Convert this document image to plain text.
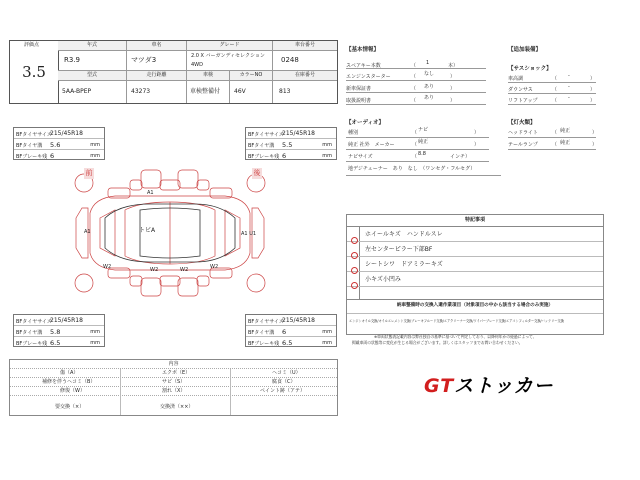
3.5
年式	車名	グレード	車台番号
R3.9	マツダ3	2.0 X バーガンディセレクション
4WD
0248
型式	走行距離	車検	カラーNO	在庫番号
5AA-BPEP	43273	車検整備付	46V	813
評価点
【基本情報】
スペアキー本数	（ 1	本）
エンジンスターター	（ なし	）
新車保証書	（ あり	）
取扱説明書	（ あり	）
【追加装備】
【サスショック】
車高調	（ -	）
ダウンサス	（ -	）
リフトアップ	（ -	）
【オーディオ】
種別	（ ナビ	）
純正 社外　メーカー	（ 純正	）
ナビサイズ	（ 8.8	インチ）
地デジチューナー　あり　なし　（ワンセグ・フルセグ）
【灯火類】
ヘッドライト	（ 純正	）
テールランプ	（ 純正	）
BFタイヤサイズ
215/45R18
BFタイヤ溝 5.6	mm
BFブレーキ残 6	mm
BFタイヤサイズ
215/45R18
BFタイヤ溝 5.5	mm
BFブレーキ残 6	mm
BFタイヤサイズ
215/45R18
BFタイヤ溝 5.8	mm
BFブレーキ残 6.5	mm
BFタイヤサイズ
215/45R18
BFタイヤ溝 6	mm
BFブレーキ残 6.5	mm
前	後
A1
A1	A1 U1
トビA
W2	W2	W2	W2
特記事項
ホイールキズ　ハンドルスレ
左センターピラー下部BF
シートシワ　ドアミラーキズ
小キズ小凹み
納車整備時の交換入還作業項目（対象項目の中から該当する場合のみ実施）
エンジンオイル交換/オイルエレメント交換/ブレーキフルード交換/エアクリーナー交換/ワイパーブレード交換/エアコンフィルター交換/バッテリー交換
※車両状態表記載内容は弊社独自の基準に基づいて判定しており、以降何年かの経過によって、
掲載車両の状態等に変化が生じる場合がございます。詳しくはスタッフまでお問い合わせください。
内容
傷（A）	エクボ（E）	ヘコミ（U）
補修を伴うヘコミ（B）	サビ（S）	腐食（C）
修復（W）	割れ（X）	ペイント跡（アテ）
要交換（×）	交換済（××）
GTストッカー
